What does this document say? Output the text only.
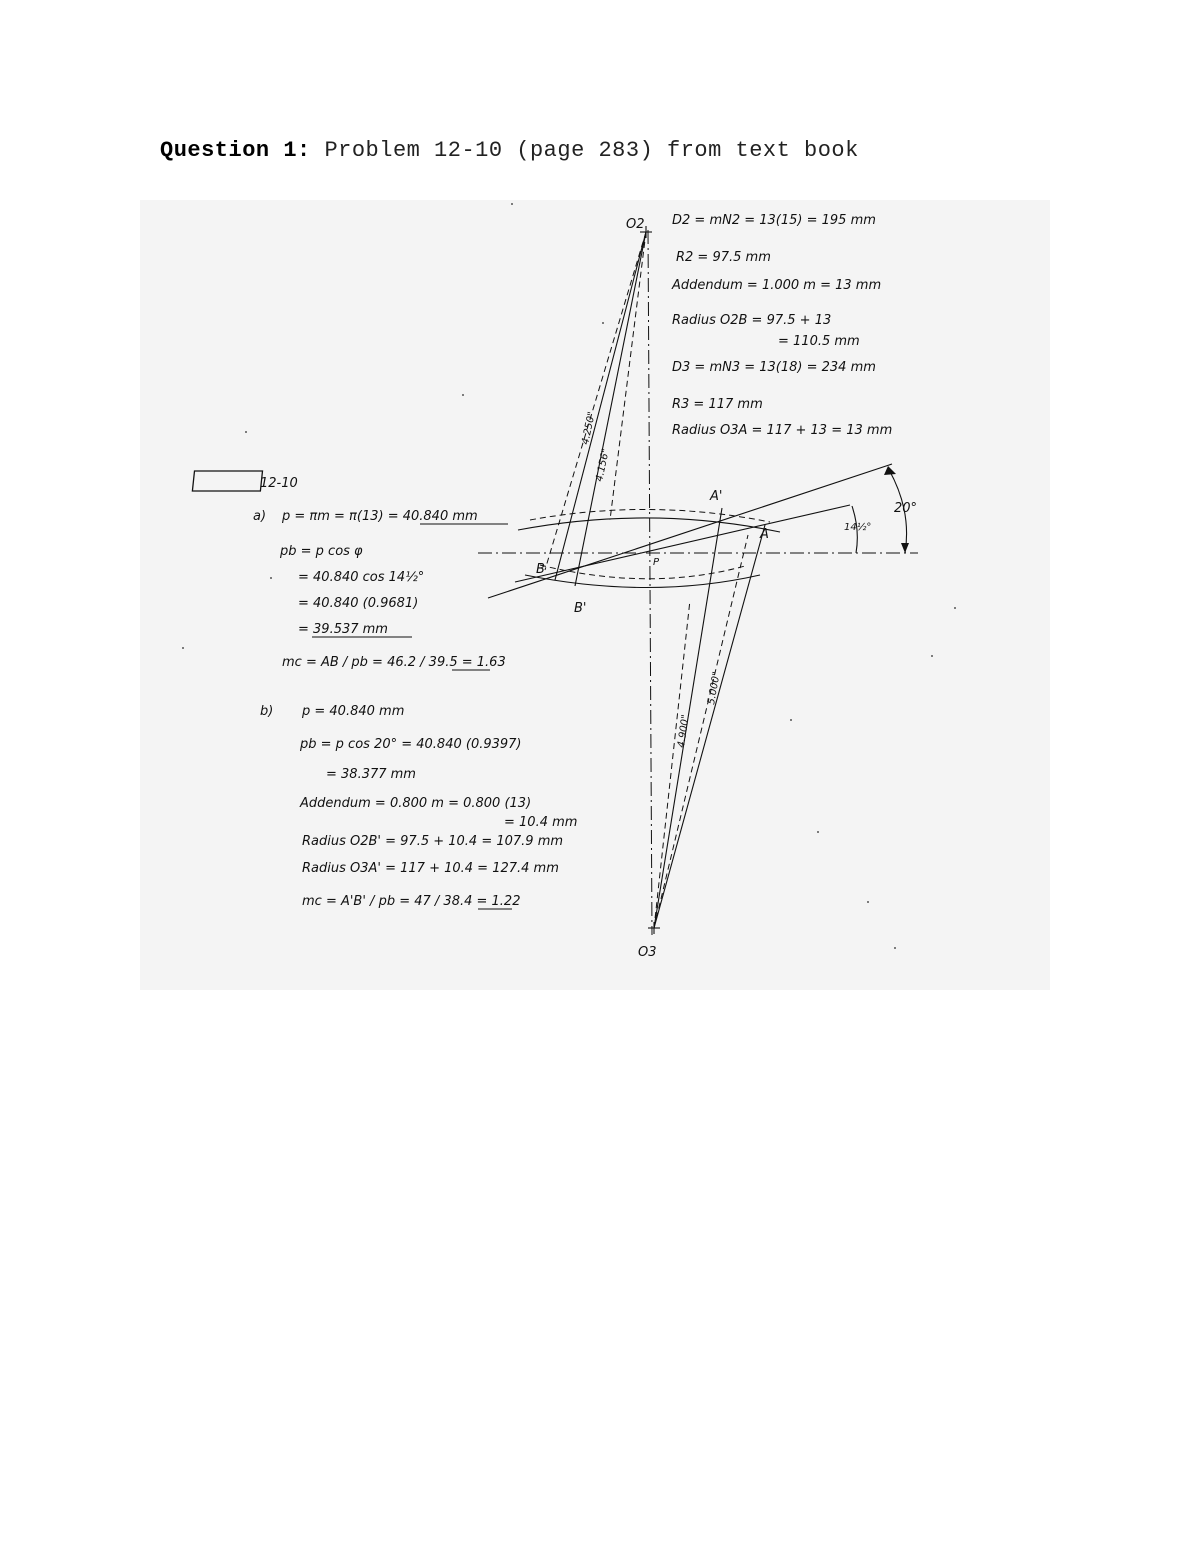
Question 1: Problem 12-10 (page 283) from text book
O2
O3
A
A'
B
B'
P
20°
14½°
4.250"
4.156"
4.900"
5.000"
D2 = mN2 = 13(15) = 195 mm
R2 = 97.5 mm
Addendum = 1.000 m = 13 mm
Radius O2B = 97.5 + 13
= 110.5 mm
D3 = mN3 = 13(18) = 234 mm
R3 = 117 mm
Radius O3A = 117 + 13 = 13 mm
12-10
a) p = πm = π(13) = 40.840 mm
pb = p cos φ
= 40.840 cos 14½°
= 40.840 (0.9681)
= 39.537 mm
mc = AB / pb = 46.2 / 39.5 = 1.63
b) p = 40.840 mm
pb = p cos 20° = 40.840 (0.9397)
= 38.377 mm
Addendum = 0.800 m = 0.800 (13)
= 10.4 mm
Radius O2B' = 97.5 + 10.4 = 107.9 mm
Radius O3A' = 117 + 10.4 = 127.4 mm
mc = A'B' / pb = 47 / 38.4 = 1.22
